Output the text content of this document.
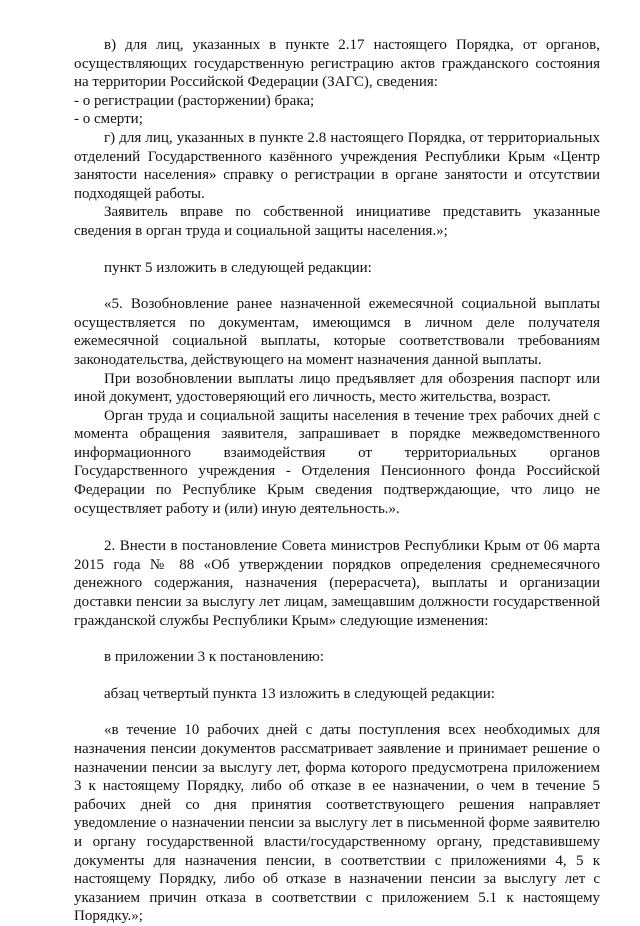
в) для лиц, указанных в пункте 2.17 настоящего Порядка, от органов, осуществляющих государственную регистрацию актов гражданского состояния на территории Российской Федерации (ЗАГС), сведения:

- о регистрации (расторжении) брака;

- о смерти;

г) для лиц, указанных в пункте 2.8 настоящего Порядка, от территориальных отделений Государственного казённого учреждения Республики Крым «Центр занятости населения» справку о регистрации в органе занятости и отсутствии подходящей работы.

Заявитель вправе по собственной инициативе представить указанные сведения в орган труда и социальной защиты населения.»;

пункт 5 изложить в следующей редакции:

«5. Возобновление ранее назначенной ежемесячной социальной выплаты осуществляется по документам, имеющимся в личном деле получателя ежемесячной социальной выплаты, которые соответствовали требованиям законодательства, действующего на момент назначения данной выплаты.

При возобновлении выплаты лицо предъявляет для обозрения паспорт или иной документ, удостоверяющий его личность, место жительства, возраст.

Орган труда и социальной защиты населения в течение трех рабочих дней с момента обращения заявителя, запрашивает в порядке межведомственного информационного взаимодействия от территориальных органов Государственного учреждения - Отделения Пенсионного фонда Российской Федерации по Республике Крым сведения подтверждающие, что лицо не осуществляет работу и (или) иную деятельность.».

2. Внести в постановление Совета министров Республики Крым от 06 марта 2015 года № 88 «Об утверждении порядков определения среднемесячного денежного содержания, назначения (перерасчета), выплаты и организации доставки пенсии за выслугу лет лицам, замещавшим должности государственной гражданской службы Республики Крым» следующие изменения:

в приложении 3 к постановлению:

абзац четвертый пункта 13 изложить в следующей редакции:

«в течение 10 рабочих дней с даты поступления всех необходимых для назначения пенсии документов рассматривает заявление и принимает решение о назначении пенсии за выслугу лет, форма которого предусмотрена приложением 3 к настоящему Порядку, либо об отказе в ее назначении, о чем в течение 5 рабочих дней со дня принятия соответствующего решения направляет уведомление о назначении пенсии за выслугу лет в письменной форме заявителю и органу государственной власти/государственному органу, представившему документы для назначения пенсии, в соответствии с приложениями 4, 5 к настоящему Порядку, либо об отказе в назначении пенсии за выслугу лет с указанием причин отказа в соответствии с приложением 5.1 к настоящему Порядку.»;
